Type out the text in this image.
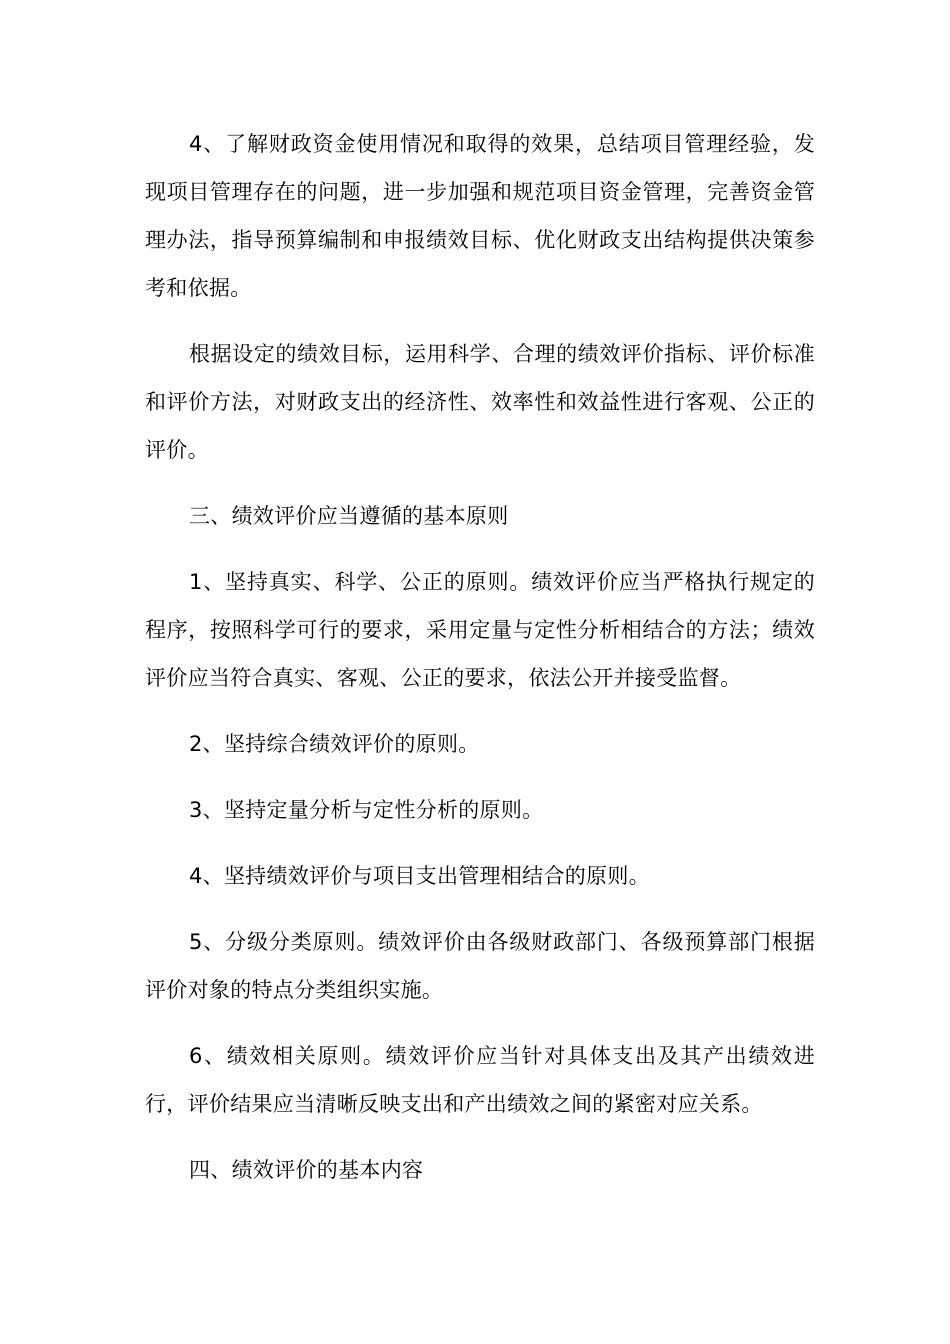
4、了解财政资金使用情况和取得的效果，总结项目管理经验，发现项目管理存在的问题，进一步加强和规范项目资金管理，完善资金管理办法，指导预算编制和申报绩效目标、优化财政支出结构提供决策参考和依据。

根据设定的绩效目标，运用科学、合理的绩效评价指标、评价标准和评价方法，对财政支出的经济性、效率性和效益性进行客观、公正的评价。

三、绩效评价应当遵循的基本原则

1、坚持真实、科学、公正的原则。绩效评价应当严格执行规定的程序，按照科学可行的要求，采用定量与定性分析相结合的方法；绩效评价应当符合真实、客观、公正的要求，依法公开并接受监督。

2、坚持综合绩效评价的原则。

3、坚持定量分析与定性分析的原则。

4、坚持绩效评价与项目支出管理相结合的原则。

5、分级分类原则。绩效评价由各级财政部门、各级预算部门根据评价对象的特点分类组织实施。

6、绩效相关原则。绩效评价应当针对具体支出及其产出绩效进行，评价结果应当清晰反映支出和产出绩效之间的紧密对应关系。

四、绩效评价的基本内容
